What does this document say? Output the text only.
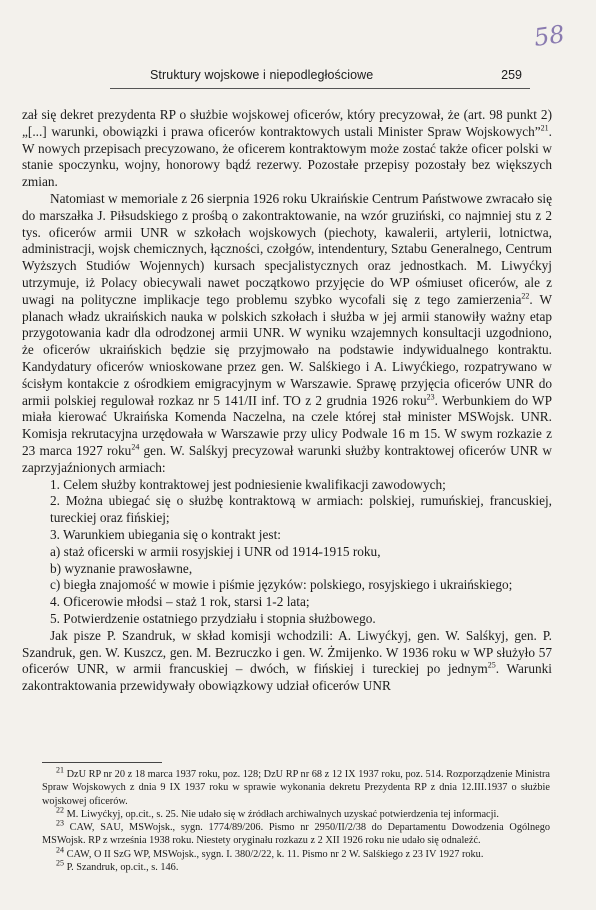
58
Struktury wojskowe i niepodległościowe	259

zał się dekret prezydenta RP o służbie wojskowej oficerów, który precyzował, że (art. 98 punkt 2) „[...] warunki, obowiązki i prawa oficerów kontraktowych ustali Minister Spraw Wojskowych”$^{21}$. W nowych przepisach precyzowano, że oficerem kontraktowym może zostać także oficer polski w stanie spoczynku, wojny, honorowy bądź rezerwy. Pozostałe przepisy pozostały bez większych zmian.

Natomiast w memoriale z 26 sierpnia 1926 roku Ukraińskie Centrum Państwowe zwracało się do marszałka J. Piłsudskiego z prośbą o zakontraktowanie, na wzór gruziński, co najmniej stu z 2 tys. oficerów armii UNR w szkołach wojskowych (piechoty, kawalerii, artylerii, lotnictwa, administracji, wojsk chemicznych, łączności, czołgów, intendentury, Sztabu Generalnego, Centrum Wyższych Studiów Wojennych) kursach specjalistycznych oraz jednostkach. M. Liwyćkyj utrzymuje, iż Polacy obiecywali nawet początkowo przyjęcie do WP ośmiuset oficerów, ale z uwagi na polityczne implikacje tego problemu szybko wycofali się z tego zamierzenia$^{22}$. W planach władz ukraińskich nauka w polskich szkołach i służba w jej armii stanowiły ważny etap przygotowania kadr dla odrodzonej armii UNR. W wyniku wzajemnych konsultacji uzgodniono, że oficerów ukraińskich będzie się przyjmowało na podstawie indywidualnego kontraktu. Kandydatury oficerów wnioskowane przez gen. W. Salśkiego i A. Liwyćkiego, rozpatrywano w ścisłym kontakcie z ośrodkiem emigracyjnym w Warszawie. Sprawę przyjęcia oficerów UNR do armii polskiej regulował rozkaz nr 5 141/II inf. TO z 2 grudnia 1926 roku$^{23}$. Werbunkiem do WP miała kierować Ukraińska Komenda Naczelna, na czele której stał minister MSWojsk. UNR. Komisja rekrutacyjna urzędowała w Warszawie przy ulicy Podwale 16 m 15. W swym rozkazie z 23 marca 1927 roku$^{24}$ gen. W. Salśkyj precyzował warunki służby kontraktowej oficerów UNR w zaprzyjaźnionych armiach:

1. Celem służby kontraktowej jest podniesienie kwalifikacji zawodowych;

2. Można ubiegać się o służbę kontraktową w armiach: polskiej, rumuńskiej, francuskiej, tureckiej oraz fińskiej;

3. Warunkiem ubiegania się o kontrakt jest:

a) staż oficerski w armii rosyjskiej i UNR od 1914-1915 roku,

b) wyznanie prawosławne,

c) biegła znajomość w mowie i piśmie języków: polskiego, rosyjskiego i ukraińskiego;

4. Oficerowie młodsi – staż 1 rok, starsi 1-2 lata;

5. Potwierdzenie ostatniego przydziału i stopnia służbowego.

Jak pisze P. Szandruk, w skład komisji wchodzili: A. Liwyćkyj, gen. W. Salśkyj, gen. P. Szandruk, gen. W. Kuszcz, gen. M. Bezruczko i gen. W. Żmijenko. W 1936 roku w WP służyło 57 oficerów UNR, w armii francuskiej – dwóch, w fińskiej i tureckiej po jednym$^{25}$. Warunki zakontraktowania przewidywały obowiązkowy udział oficerów UNR

$^{21}$ DzU RP nr 20 z 18 marca 1937 roku, poz. 128; DzU RP nr 68 z 12 IX 1937 roku, poz. 514. Rozporządzenie Ministra Spraw Wojskowych z dnia 9 IX 1937 roku w sprawie wykonania dekretu Prezydenta RP z dnia 12.III.1937 o służbie wojskowej oficerów.

$^{22}$ M. Liwyćkyj, op.cit., s. 25. Nie udało się w źródłach archiwalnych uzyskać potwierdzenia tej informacji.

$^{23}$ CAW, SAU, MSWojsk., sygn. 1774/89/206. Pismo nr 2950/II/2/38 do Departamentu Dowodzenia Ogólnego MSWojsk. RP z września 1938 roku. Niestety oryginału rozkazu z 2 XII 1926 roku nie udało się odnaleźć.

$^{24}$ CAW, O II SzG WP, MSWojsk., sygn. I. 380/2/22, k. 11. Pismo nr 2 W. Salśkiego z 23 IV 1927 roku.

$^{25}$ P. Szandruk, op.cit., s. 146.
